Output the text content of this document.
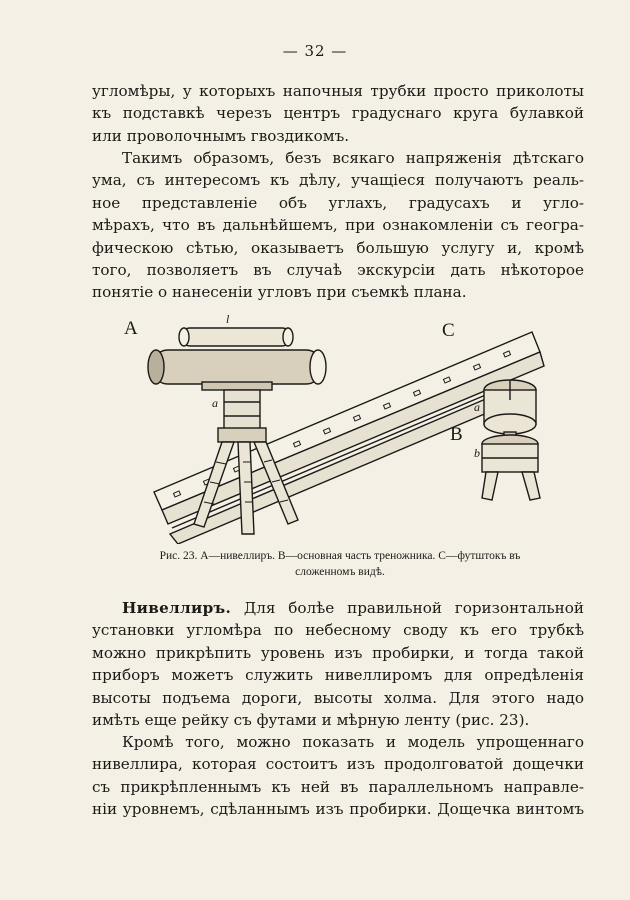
— 32 —
угломѣры, у которыхъ напочныя трубки просто приколоты
къ подставкѣ черезъ центръ градуснаго круга булавкой
или проволочнымъ гвоздикомъ.
Такимъ образомъ, безъ всякаго напряженія дѣтскаго
ума, съ интересомъ къ дѣлу, учащіеся получаютъ реаль-
ное представленіе объ углахъ, градусахъ и угло-
мѣрахъ, что въ дальнѣйшемъ, при ознакомленіи съ геогра-
фическою сѣтью, оказываетъ большую услугу и, кромѣ
того, позволяетъ въ случаѣ экскурсіи дать нѣкоторое
понятіе о нанесеніи угловъ при съемкѣ плана.
A
B
C
l
a	a
b
Рис. 23. А—нивеллиръ. В—основная часть треножника. С—футштокъ въ
сложенномъ видѣ.
Нивеллиръ. Для болѣе правильной горизонтальной
установки угломѣра по небесному своду къ его трубкѣ
можно прикрѣпить уровень изъ пробирки, и тогда такой
приборъ можетъ служить нивеллиромъ для опредѣленія
высоты подъема дороги, высоты холма. Для этого надо
имѣть еще рейку съ футами и мѣрную ленту (рис. 23).
Кромѣ того, можно показать и модель упрощеннаго
нивеллира, которая состоитъ изъ продолговатой дощечки
съ прикрѣпленнымъ къ ней въ параллельномъ направле-
ніи уровнемъ, сдѣланнымъ изъ пробирки. Дощечка винтомъ
